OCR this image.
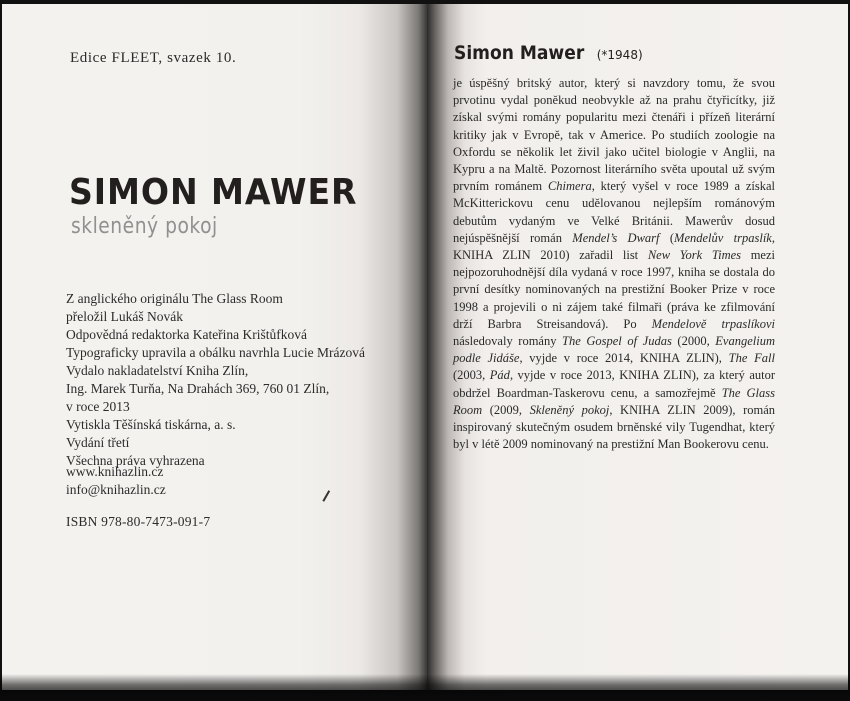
Edice FLEET, svazek 10.
SIMON MAWER
skleněný pokoj
Z anglického originálu The Glass Room
přeložil Lukáš Novák
Odpovědná redaktorka Kateřina Krištůfková
Typograficky upravila a obálku navrhla Lucie Mrázová
Vydalo nakladatelství Kniha Zlín,
Ing. Marek Turňa, Na Drahách 369, 760 01 Zlín,
v roce 2013
Vytiskla Těšínská tiskárna, a. s.
Vydání třetí
Všechna práva vyhrazena
www.knihazlin.cz
info@knihazlin.cz
ISBN 978-80-7473-091-7
Simon Mawer (*1948)
je úspěšný britský autor, který si navzdory tomu, že svou prvotinu vydal poněkud neobvykle až na prahu čtyřicítky, již získal svými romány popularitu mezi čtenáři i přízeň literární kritiky jak v Evropě, tak v Americe. Po studiích zoologie na Oxfordu se několik let živil jako učitel biologie v Anglii, na Kypru a na Maltě. Pozornost literárního světa upoutal už svým prvním románem Chimera, který vyšel v roce 1989 a získal McKitterickovu cenu udělovanou nejlepším románovým debutům vydaným ve Velké Británii. Mawerův dosud nejúspěšnější román Mendel’s Dwarf (Mendelův trpaslík, KNIHA ZLIN 2010) zařadil list New York Times mezi nejpozoruhodnější díla vydaná v roce 1997, kniha se dostala do první desítky nominovaných na prestižní Booker Prize v roce 1998 a projevili o ni zájem také filmaři (práva ke zfilmování drží Barbra Streisandová). Po Mendelově trpaslíkovi následovaly romány The Gospel of Judas (2000, Evangelium podle Jidáše, vyjde v roce 2014, KNIHA ZLIN), The Fall (2003, Pád, vyjde v roce 2013, KNIHA ZLIN), za který autor obdržel Boardman-Taskerovu cenu, a samozřejmě The Glass Room (2009, Skleněný pokoj, KNIHA ZLIN 2009), román inspirovaný skutečným osudem brněnské vily Tugendhat, který byl v létě 2009 nominovaný na prestižní Man Bookerovu cenu.
